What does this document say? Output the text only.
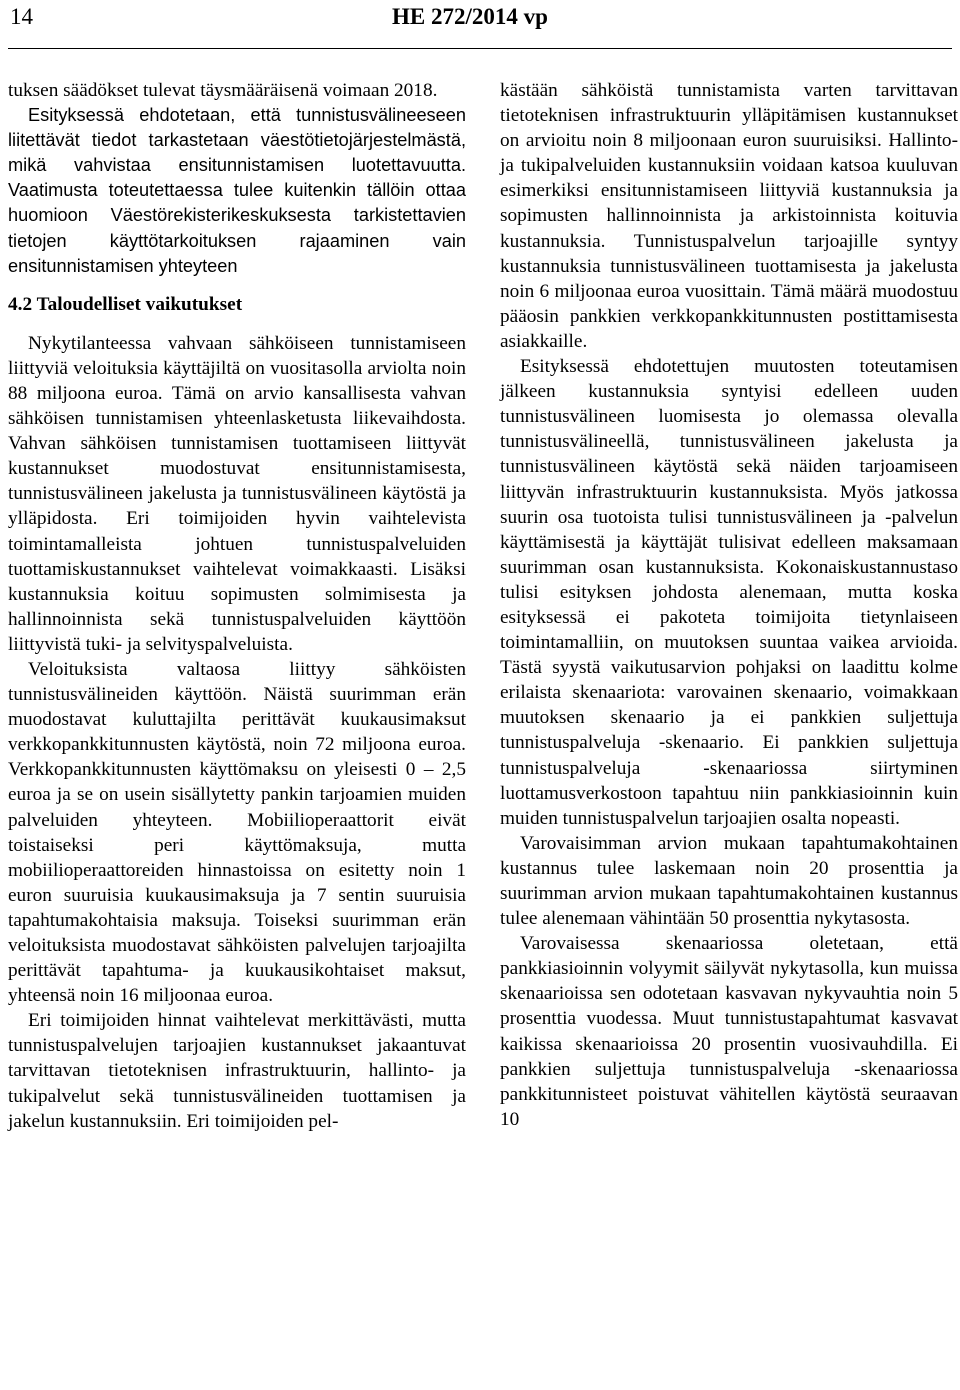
14	HE 272/2014 vp

tuksen säädökset tulevat täysmääräisenä voimaan 2018.

Esityksessä ehdotetaan, että tunnistusvälineeseen liitettävät tiedot tarkastetaan väestötietojärjestelmästä, mikä vahvistaa ensitunnistamisen luotettavuutta. Vaatimusta toteutettaessa tulee kuitenkin tällöin ottaa huomioon Väestörekisterikeskuksesta tarkistettavien tietojen käyttötarkoituksen rajaaminen vain ensitunnistamisen yhteyteen

4.2 Taloudelliset vaikutukset

Nykytilanteessa vahvaan sähköiseen tunnistamiseen liittyviä veloituksia käyttäjiltä on vuositasolla arviolta noin 88 miljoona euroa. Tämä on arvio kansallisesta vahvan sähköisen tunnistamisen yhteenlasketusta liikevaihdosta. Vahvan sähköisen tunnistamisen tuottamiseen liittyvät kustannukset muodostuvat ensitunnistamisesta, tunnistusvälineen jakelusta ja tunnistusvälineen käytöstä ja ylläpidosta. Eri toimijoiden hyvin vaihtelevista toimintamalleista johtuen tunnistuspalveluiden tuottamiskustannukset vaihtelevat voimakkaasti. Lisäksi kustannuksia koituu sopimusten solmimisesta ja hallinnoinnista sekä tunnistuspalveluiden käyttöön liittyvistä tuki- ja selvityspalveluista.

Veloituksista valtaosa liittyy sähköisten tunnistusvälineiden käyttöön. Näistä suurimman erän muodostavat kuluttajilta perittävät kuukausimaksut verkkopankkitunnusten käytöstä, noin 72 miljoona euroa. Verkkopankkitunnusten käyttömaksu on yleisesti 0 – 2,5 euroa ja se on usein sisällytetty pankin tarjoamien muiden palveluiden yhteyteen. Mobiilioperaattorit eivät toistaiseksi peri käyttömaksuja, mutta mobiilioperaattoreiden hinnastoissa on esitetty noin 1 euron suuruisia kuukausimaksuja ja 7 sentin suuruisia tapahtumakohtaisia maksuja. Toiseksi suurimman erän veloituksista muodostavat sähköisten palvelujen tarjoajilta perittävät tapahtuma- ja kuukausikohtaiset maksut, yhteensä noin 16 miljoonaa euroa.

Eri toimijoiden hinnat vaihtelevat merkittävästi, mutta tunnistuspalvelujen tarjoajien kustannukset jakaantuvat tarvittavan tietoteknisen infrastruktuurin, hallinto- ja tukipalvelut sekä tunnistusvälineiden tuottamisen ja jakelun kustannuksiin. Eri toimijoiden pel-

kästään sähköistä tunnistamista varten tarvittavan tietoteknisen infrastruktuurin ylläpitämisen kustannukset on arvioitu noin 8 miljoonaan euron suuruisiksi. Hallinto- ja tukipalveluiden kustannuksiin voidaan katsoa kuuluvan esimerkiksi ensitunnistamiseen liittyviä kustannuksia ja sopimusten hallinnoinnista ja arkistoinnista koituvia kustannuksia. Tunnistuspalvelun tarjoajille syntyy kustannuksia tunnistusvälineen tuottamisesta ja jakelusta noin 6 miljoonaa euroa vuosittain. Tämä määrä muodostuu pääosin pankkien verkkopankkitunnusten postittamisesta asiakkaille.

Esityksessä ehdotettujen muutosten toteutamisen jälkeen kustannuksia syntyisi edelleen uuden tunnistusvälineen luomisesta jo olemassa olevalla tunnistusvälineellä, tunnistusvälineen jakelusta ja tunnistusvälineen käytöstä sekä näiden tarjoamiseen liittyvän infrastruktuurin kustannuksista. Myös jatkossa suurin osa tuotoista tulisi tunnistusvälineen ja -palvelun käyttämisestä ja käyttäjät tulisivat edelleen maksamaan suurimman osan kustannuksista. Kokonaiskustannustaso tulisi esityksen johdosta alenemaan, mutta koska esityksessä ei pakoteta toimijoita tietynlaiseen toimintamalliin, on muutoksen suuntaa vaikea arvioida. Tästä syystä vaikutusarvion pohjaksi on laadittu kolme erilaista skenaariota: varovainen skenaario, voimakkaan muutoksen skenaario ja ei pankkien suljettuja tunnistuspalveluja -skenaario. Ei pankkien suljettuja tunnistuspalveluja -skenaariossa siirtyminen luottamusverkostoon tapahtuu niin pankkiasioinnin kuin muiden tunnistuspalvelun tarjoajien osalta nopeasti.

Varovaisimman arvion mukaan tapahtumakohtainen kustannus tulee laskemaan noin 20 prosenttia ja suurimman arvion mukaan tapahtumakohtainen kustannus tulee alenemaan vähintään 50 prosenttia nykytasosta.

Varovaisessa skenaariossa oletetaan, että pankkiasioinnin volyymit säilyvät nykytasolla, kun muissa skenaarioissa sen odotetaan kasvavan nykyvauhtia noin 5 prosenttia vuodessa. Muut tunnistustapahtumat kasvavat kaikissa skenaarioissa 20 prosentin vuosivauhdilla. Ei pankkien suljettuja tunnistuspalveluja -skenaariossa pankkitunnisteet poistuvat vähitellen käytöstä seuraavan 10
